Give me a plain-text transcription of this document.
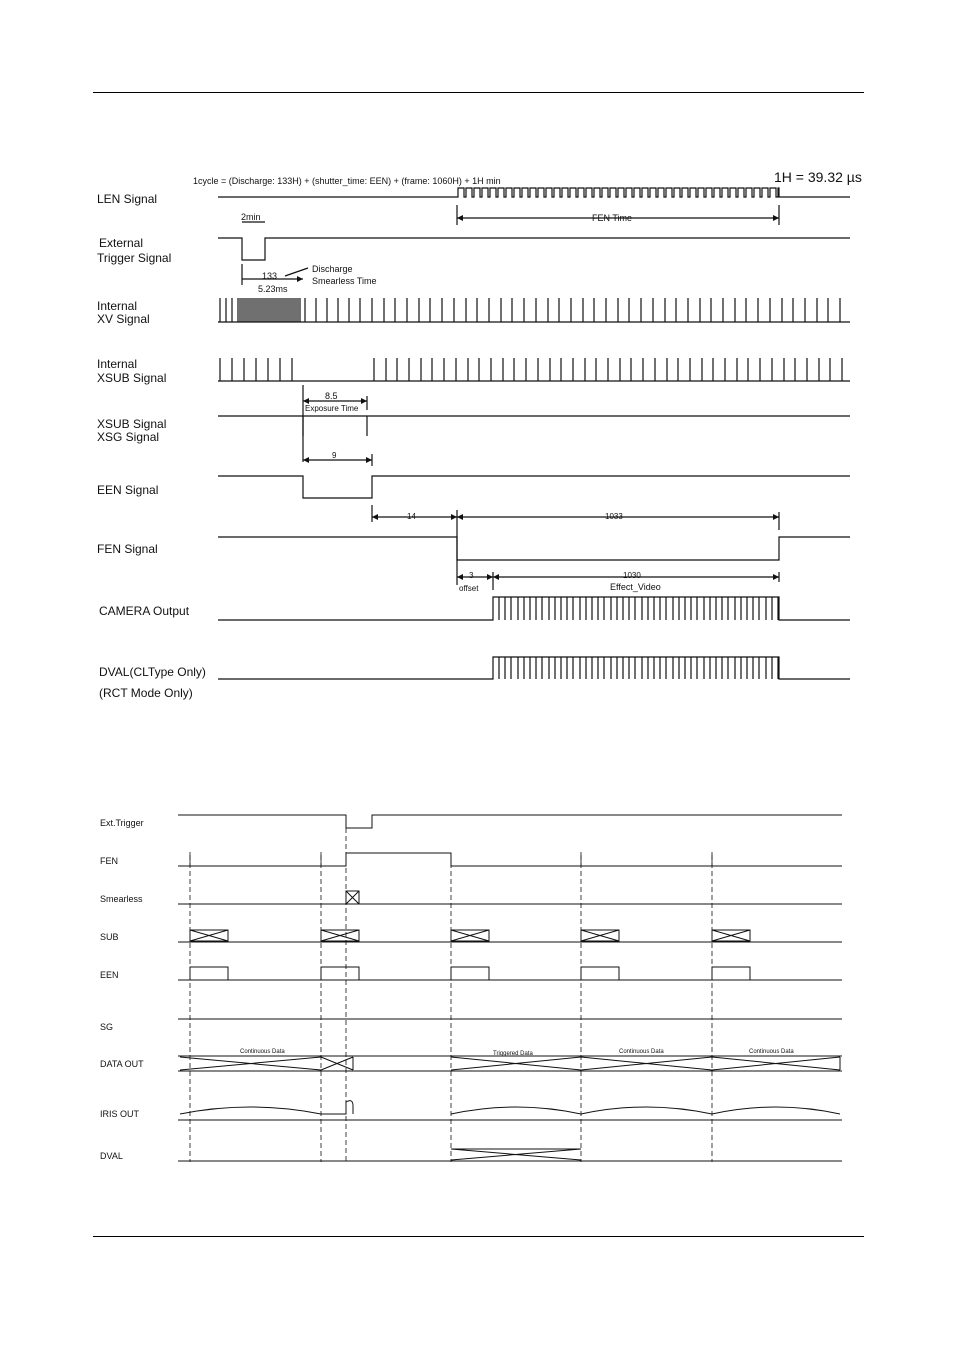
1cycle = (Discharge: 133H) + (shutter_time: EEN) + (frame: 1060H) + 1H min	1H = 39.32 µs
LEN Signal
External
Trigger Signal
Internal
XV Signal
Internal
XSUB Signal
XSUB Signal
XSG Signal
EEN Signal
FEN Signal
CAMERA Output
DVAL(CLType Only)
(RCT Mode Only)
2min	FEN Time
133
5.23ms
Discharge
Smearless Time
8.5
Exposure Time
9
14	1033
3
offset
1030
Effect_Video
Ext.Trigger
FEN
Smearless
SUB
EEN
SG
DATA OUT
IRIS OUT
DVAL
Continuous Data	Triggered Data	Continuous Data	Continuous Data
